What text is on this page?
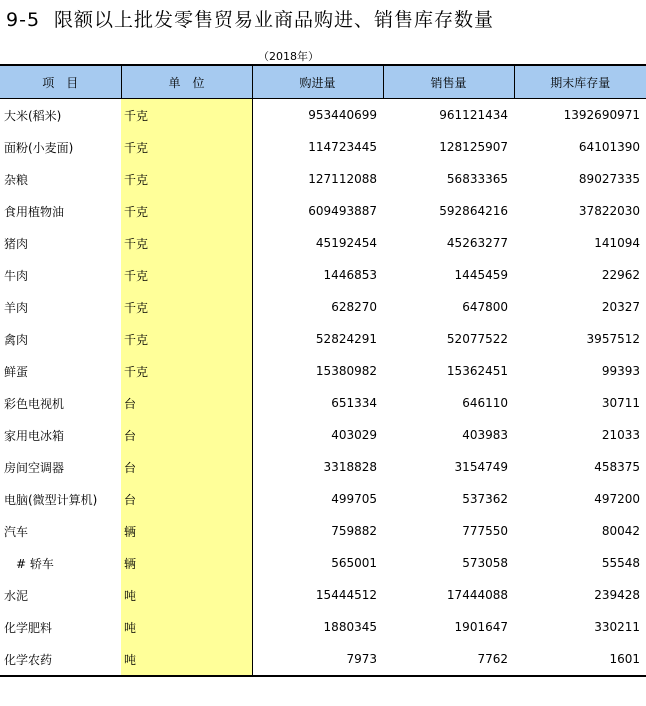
9-5 限额以上批发零售贸易业商品购进、销售库存数量
（2018年）
项　目	单　位	购进量	销售量	期末库存量
大米(稻米)	千克	953440699	961121434	1392690971
面粉(小麦面)	千克	114723445	128125907	64101390
杂粮	千克	127112088	56833365	89027335
食用植物油	千克	609493887	592864216	37822030
猪肉	千克	45192454	45263277	141094
牛肉	千克	1446853	1445459	22962
羊肉	千克	628270	647800	20327
禽肉	千克	52824291	52077522	3957512
鲜蛋	千克	15380982	15362451	99393
彩色电视机	台	651334	646110	30711
家用电冰箱	台	403029	403983	21033
房间空调器	台	3318828	3154749	458375
电脑(微型计算机)	台	499705	537362	497200
汽车	辆	759882	777550	80042
　# 轿车	辆	565001	573058	55548
水泥	吨	15444512	17444088	239428
化学肥料	吨	1880345	1901647	330211
化学农药	吨	7973	7762	1601
